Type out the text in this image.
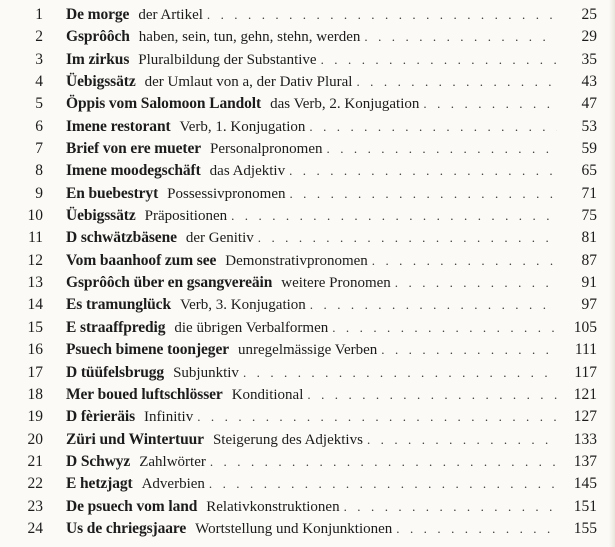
1 De morge der Artikel . . .	25
2 Gsprôôch haben, sein, tun, gehn, stehn, werden . . .	29
3 Im zirkus Pluralbildung der Substantive . . .	35
4 Üebigssätz der Umlaut von a, der Dativ Plural . . .	43
5 Öppis vom Salomoon Landolt das Verb, 2. Konjugation . . .	47
6 Imene restorant Verb, 1. Konjugation . . .	53
7 Brief von ere mueter Personalpronomen . . .	59
8 Imene moodegschäft das Adjektiv . . .	65
9 En buebestryt Possessivpronomen . . .	71
10 Üebigssätz Präpositionen . . .	75
11 D schwätzbäsene der Genitiv . . .	81
12 Vom baanhoof zum see Demonstrativpronomen . . .	87
13 Gsprôôch über en gsangvereäin weitere Pronomen . . .	91
14 Es tramunglück Verb, 3. Konjugation . . .	97
15 E straaffpredig die übrigen Verbalformen . . .	105
16 Psuech bimene toonjeger unregelmässige Verben . . .	111
17 D tüüfelsbrugg Subjunktiv . . .	117
18 Mer boued luftschlösser Konditional . . .	121
19 D fèrieräis Infinitiv . . .	127
20 Züri und Wintertuur Steigerung des Adjektivs . . .	133
21 D Schwyz Zahlwörter . . .	137
22 E hetzjagt Adverbien . . .	145
23 De psuech vom land Relativkonstruktionen . . .	151
24 Us de chriegsjaare Wortstellung und Konjunktionen . . .	155
